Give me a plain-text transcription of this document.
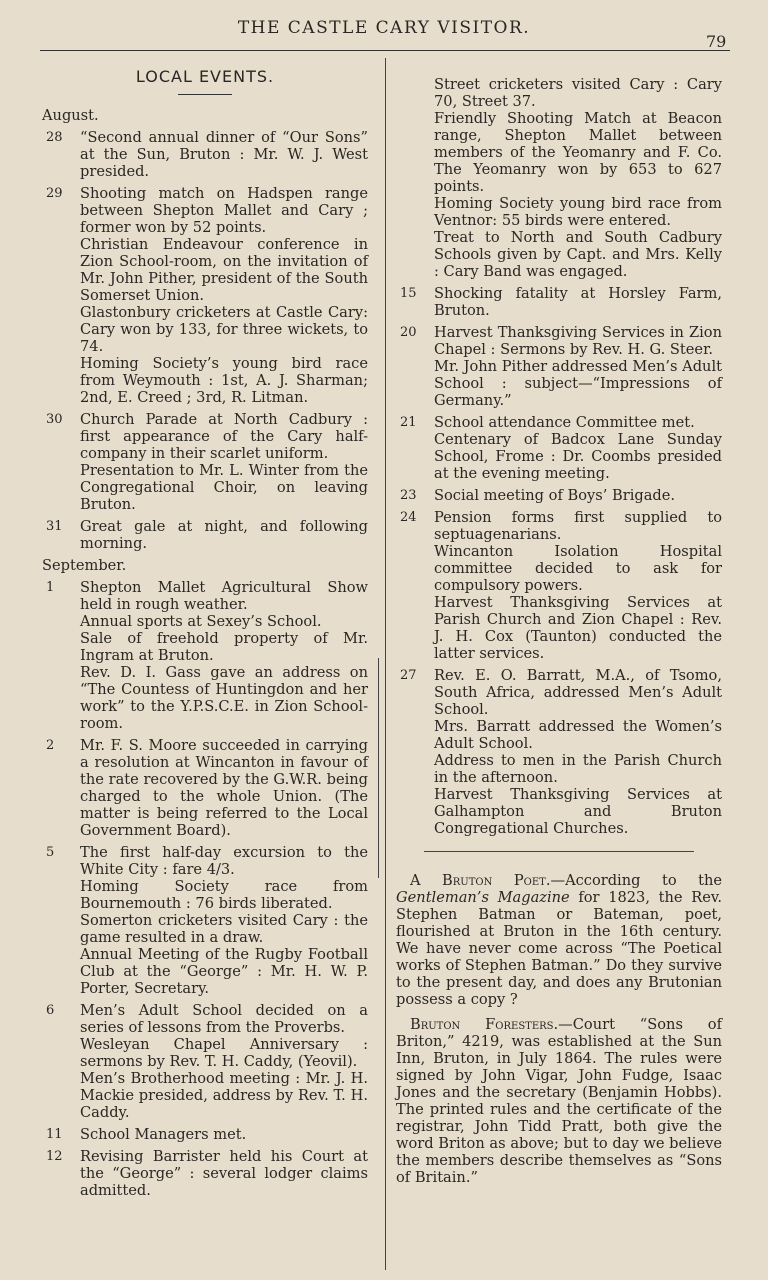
THE CASTLE CARY VISITOR.
79
LOCAL EVENTS.
August.
28	“Second annual dinner of “Our Sons” at the Sun, Bruton : Mr. W. J. West presided.
29	Shooting match on Hadspen range between Shepton Mallet and Cary ; former won by 52 points.
Christian Endeavour conference in Zion School-room, on the invitation of Mr. John Pither, president of the South Somerset Union.
Glastonbury cricketers at Castle Cary: Cary won by 133, for three wickets, to 74.
Homing Society’s young bird race from Weymouth : 1st, A. J. Sharman; 2nd, E. Creed ; 3rd, R. Litman.
30	Church Parade at North Cadbury : first appearance of the Cary half-company in their scarlet uniform.
Presentation to Mr. L. Winter from the Congregational Choir, on leaving Bruton.
31	Great gale at night, and following morning.
September.
1	Shepton Mallet Agricultural Show held in rough weather.
Annual sports at Sexey’s School.
Sale of freehold property of Mr. Ingram at Bruton.
Rev. D. I. Gass gave an address on “The Countess of Huntingdon and her work” to the Y.P.S.C.E. in Zion School-room.
2	Mr. F. S. Moore succeeded in carrying a resolution at Wincanton in favour of the rate recovered by the G.W.R. being charged to the whole Union. (The matter is being referred to the Local Government Board).
5	The first half-day excursion to the White City : fare 4/3.
Homing Society race from Bournemouth : 76 birds liberated.
Somerton cricketers visited Cary : the game resulted in a draw.
Annual Meeting of the Rugby Football Club at the “George” : Mr. H. W. P. Porter, Secretary.
6	Men’s Adult School decided on a series of lessons from the Proverbs.
Wesleyan Chapel Anniversary : sermons by Rev. T. H. Caddy, (Yeovil).
Men’s Brotherhood meeting : Mr. J. H. Mackie presided, address by Rev. T. H. Caddy.
11	School Managers met.
12	Revising Barrister held his Court at the “George” : several lodger claims admitted.
Street cricketers visited Cary : Cary 70, Street 37.
Friendly Shooting Match at Beacon range, Shepton Mallet between members of the Yeomanry and F. Co. The Yeomanry won by 653 to 627 points.
Homing Society young bird race from Ventnor: 55 birds were entered.
Treat to North and South Cadbury Schools given by Capt. and Mrs. Kelly : Cary Band was engaged.
15	Shocking fatality at Horsley Farm, Bruton.
20	Harvest Thanksgiving Services in Zion Chapel : Sermons by Rev. H. G. Steer.
Mr. John Pither addressed Men’s Adult School : subject—“Impressions of Germany.”
21	School attendance Committee met.
Centenary of Badcox Lane Sunday School, Frome : Dr. Coombs presided at the evening meeting.
23	Social meeting of Boys’ Brigade.
24	Pension forms first supplied to septuagenarians.
Wincanton Isolation Hospital committee decided to ask for compulsory powers.
Harvest Thanksgiving Services at Parish Church and Zion Chapel : Rev. J. H. Cox (Taunton) conducted the latter services.
27	Rev. E. O. Barratt, M.A., of Tsomo, South Africa, addressed Men’s Adult School.
Mrs. Barratt addressed the Women’s Adult School.
Address to men in the Parish Church in the afternoon.
Harvest Thanksgiving Services at Galhampton and Bruton Congregational Churches.
A Bruton Poet.—According to the Gentleman’s Magazine for 1823, the Rev. Stephen Batman or Bateman, poet, flourished at Bruton in the 16th century. We have never come across “The Poetical works of Stephen Batman.” Do they survive to the present day, and does any Brutonian possess a copy ?
Bruton Foresters.—Court “Sons of Briton,” 4219, was established at the Sun Inn, Bruton, in July 1864. The rules were signed by John Vigar, John Fudge, Isaac Jones and the secretary (Benjamin Hobbs). The printed rules and the certificate of the registrar, John Tidd Pratt, both give the word Briton as above; but to day we believe the members describe themselves as “Sons of Britain.”
